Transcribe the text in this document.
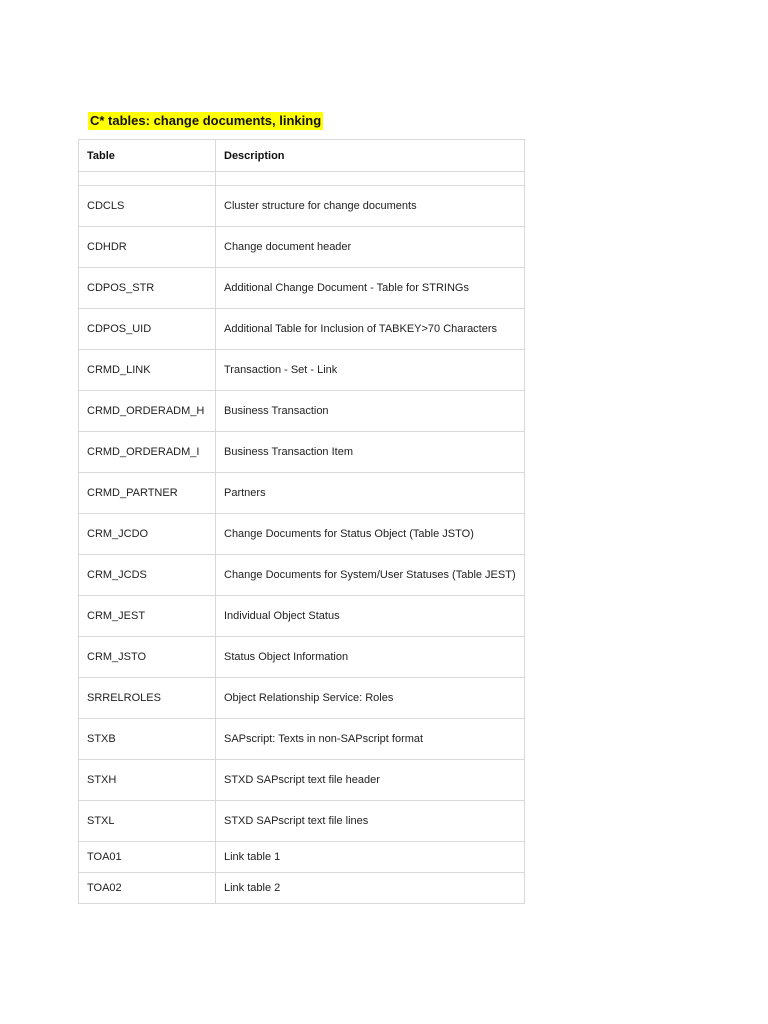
C* tables: change documents, linking
Table	Description

CDCLS	Cluster structure for change documents
CDHDR	Change document header
CDPOS_STR	Additional Change Document - Table for STRINGs
CDPOS_UID	Additional Table for Inclusion of TABKEY>70 Characters
CRMD_LINK	Transaction - Set - Link
CRMD_ORDERADM_H	Business Transaction
CRMD_ORDERADM_I	Business Transaction Item
CRMD_PARTNER	Partners
CRM_JCDO	Change Documents for Status Object (Table JSTO)
CRM_JCDS	Change Documents for System/User Statuses (Table JEST)
CRM_JEST	Individual Object Status
CRM_JSTO	Status Object Information
SRRELROLES	Object Relationship Service: Roles
STXB	SAPscript: Texts in non-SAPscript format
STXH	STXD SAPscript text file header
STXL	STXD SAPscript text file lines
TOA01	Link table 1
TOA02	Link table 2
